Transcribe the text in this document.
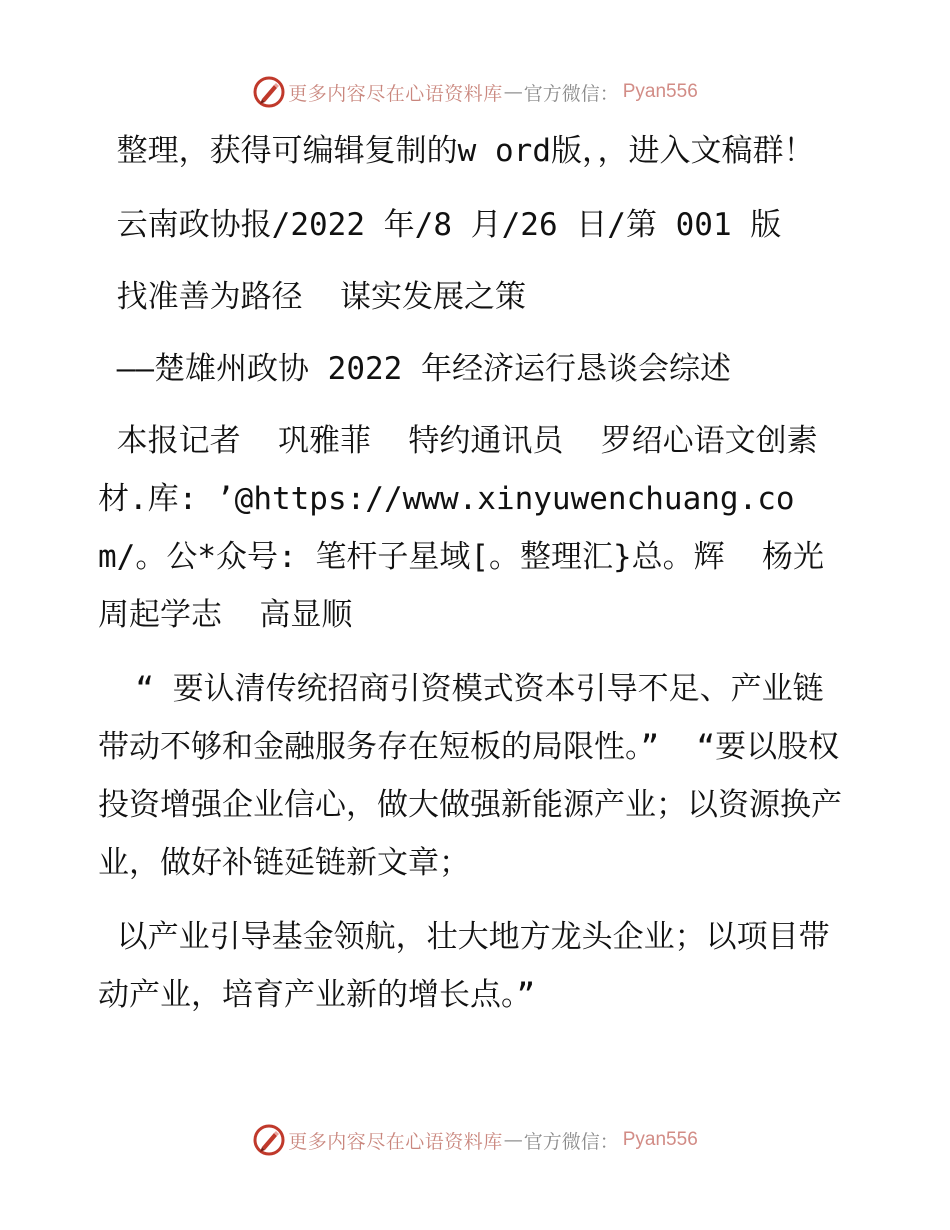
更多内容尽在心语资料库 — 官方微信： Pyan556

整理，获得可编辑复制的w ord版，，进入文稿群！

云南政协报/2022 年/8 月/26 日/第 001 版

找准善为路径  谋实发展之策

——楚雄州政协 2022 年经济运行恳谈会综述

本报记者  巩雅菲  特约通讯员  罗绍心语文创素材.库: ’@https://www.xinyuwenchuang.com/。公*众号: 笔杆子星域[。整理汇}总。辉  杨光周起学志  高显顺

“ 要认清传统招商引资模式资本引导不足、产业链带动不够和金融服务存在短板的局限性。”  “要以股权投资增强企业信心，做大做强新能源产业；以资源换产业，做好补链延链新文章；

以产业引导基金领航，壮大地方龙头企业；以项目带动产业，培育产业新的增长点。”

更多内容尽在心语资料库 — 官方微信： Pyan556
